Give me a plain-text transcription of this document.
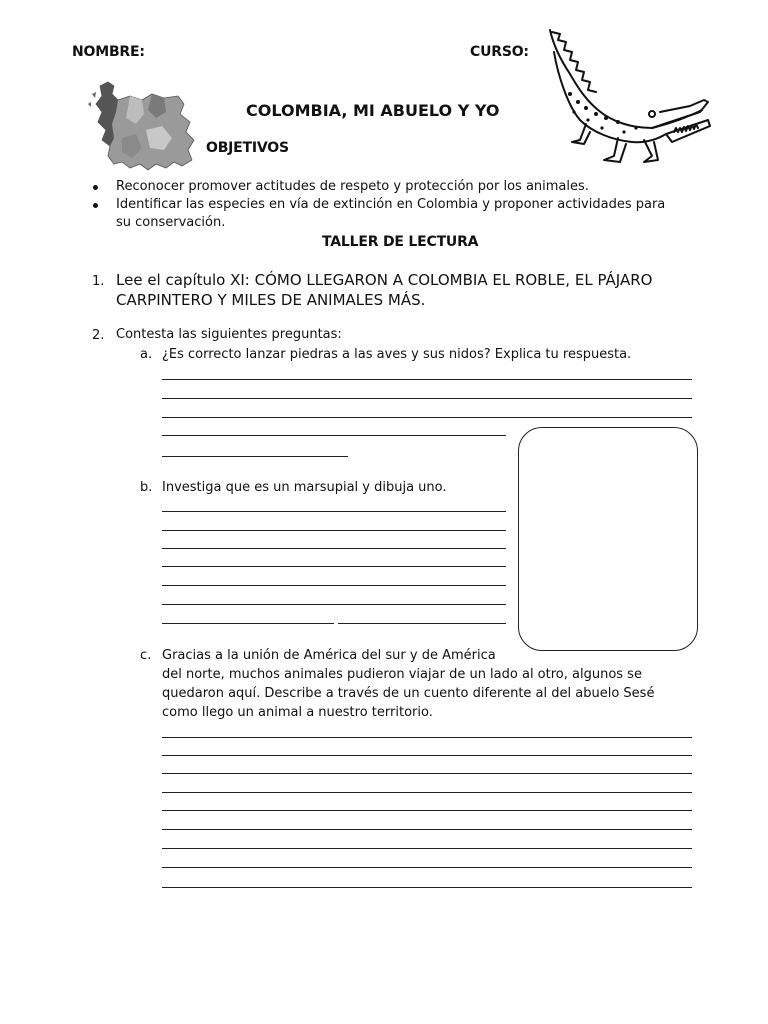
NOMBRE:	CURSO:
COLOMBIA, MI ABUELO Y YO
OBJETIVOS
Reconocer promover actitudes de respeto y protección por los animales.
Identificar las especies en vía de extinción en Colombia y proponer actividades para
su conservación.
TALLER DE LECTURA
1. Lee el capítulo XI: CÓMO LLEGARON A COLOMBIA EL ROBLE, EL PÁJARO
CARPINTERO Y MILES DE ANIMALES MÁS.
2. Contesta las siguientes preguntas:
a. ¿Es correcto lanzar piedras a las aves y sus nidos? Explica tu respuesta.
b. Investiga que es un marsupial y dibuja uno.
c. Gracias a la unión de América del sur y de América
del norte, muchos animales pudieron viajar de un lado al otro, algunos se
quedaron aquí. Describe a través de un cuento diferente al del abuelo Sesé
como llego un animal a nuestro territorio.
